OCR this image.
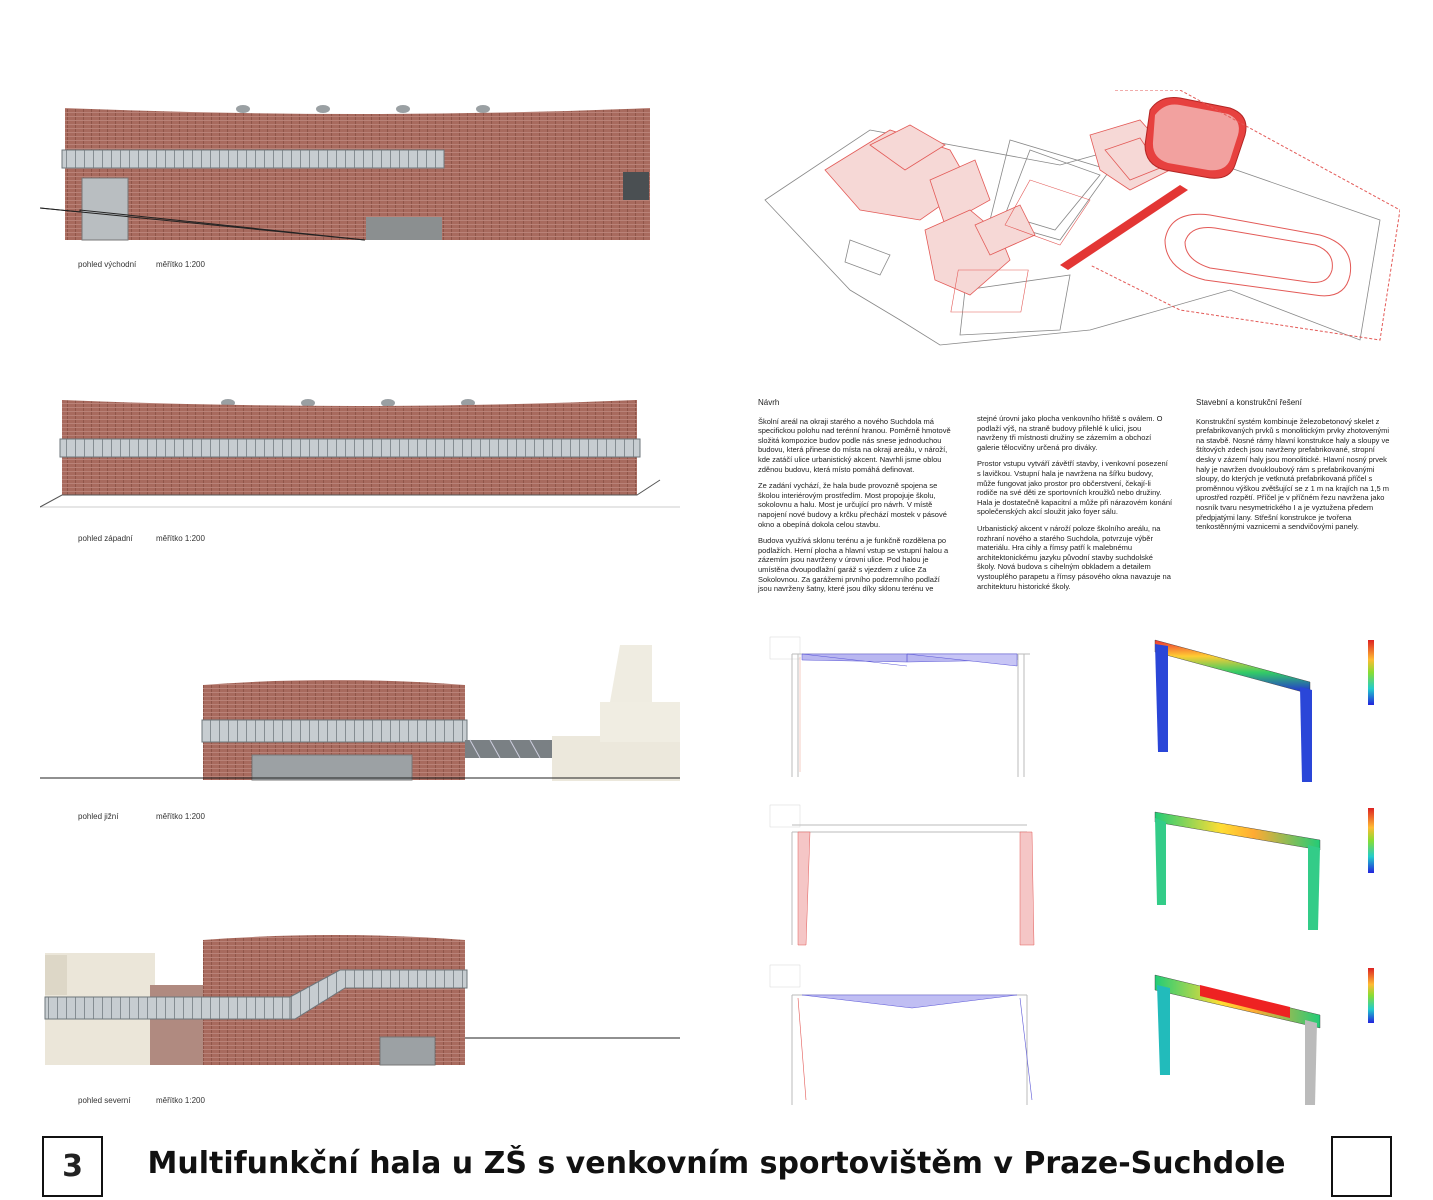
pohled východní měřítko 1:200
pohled západní	měřítko 1:200
pohled jižní	měřítko 1:200
pohled severní	měřítko 1:200
Návrh

Školní areál na okraji starého a nového Suchdola má specifickou polohu nad terénní hranou. Poměrně hmotově složitá kompozice budov podle nás snese jednoduchou budovu, která přinese do místa na okraji areálu, v nároží, kde zatáčí ulice urbanistický akcent. Navrhli jsme oblou zděnou budovu, která místo pomáhá definovat.

Ze zadání vychází, že hala bude provozně spojena se školou interiérovým prostředím. Most propojuje školu, sokolovnu a halu. Most je určující pro návrh. V místě napojení nové budovy a krčku přechází mostek v pásové okno a obepíná dokola celou stavbu.

Budova využívá sklonu terénu a je funkčně rozdělena po podlažích. Herní plocha a hlavní vstup se vstupní halou a zázemím jsou navrženy v úrovni ulice. Pod halou je umístěna dvoupodlažní garáž s vjezdem z ulice Za Sokolovnou. Za garážemi prvního podzemního podlaží jsou navrženy šatny, které jsou díky sklonu terénu ve

stejné úrovni jako plocha venkovního hřiště s oválem. O podlaží výš, na straně budovy přilehlé k ulici, jsou navrženy tři místnosti družiny se zázemím a obchozí galerie tělocvičny určená pro diváky.

Prostor vstupu vytváří závětří stavby, i venkovní posezení s lavičkou. Vstupní hala je navržena na šířku budovy, může fungovat jako prostor pro občerstvení, čekají-li rodiče na své děti ze sportovních kroužků nebo družiny. Hala je dostatečně kapacitní a může při nárazovém konání společenských akcí sloužit jako foyer sálu.

Urbanistický akcent v nároží poloze školního areálu, na rozhraní nového a starého Suchdola, potvrzuje výběr materiálu. Hra cihly a římsy patří k malebnému architektonickému jazyku původní stavby suchdolské školy. Nová budova s cihelným obkladem a detailem vystouplého parapetu a římsy pásového okna navazuje na architekturu historické školy.

Stavební a konstrukční řešení

Konstrukční systém kombinuje železobetonový skelet z prefabrikovaných prvků s monolitickým prvky zhotovenými na stavbě. Nosné rámy hlavní konstrukce haly a sloupy ve štítových zdech jsou navrženy prefabrikované, stropní desky v zázemí haly jsou monolitické. Hlavní nosný prvek haly je navržen dvoukloubový rám s prefabrikovanými sloupy, do kterých je vetknutá prefabrikovaná příčel s proměnnou výškou zvětšující se z 1 m na krajích na 1,5 m uprostřed rozpětí. Příčel je v příčném řezu navržena jako nosník tvaru nesymetrického I a je vyztužena předem předpjatými lany. Střešní konstrukce je tvořena tenkostěnnými vaznicemi a sendvičovými panely.

3	Multifunkční hala u ZŠ s venkovním sportovištěm v Praze-Suchdole
